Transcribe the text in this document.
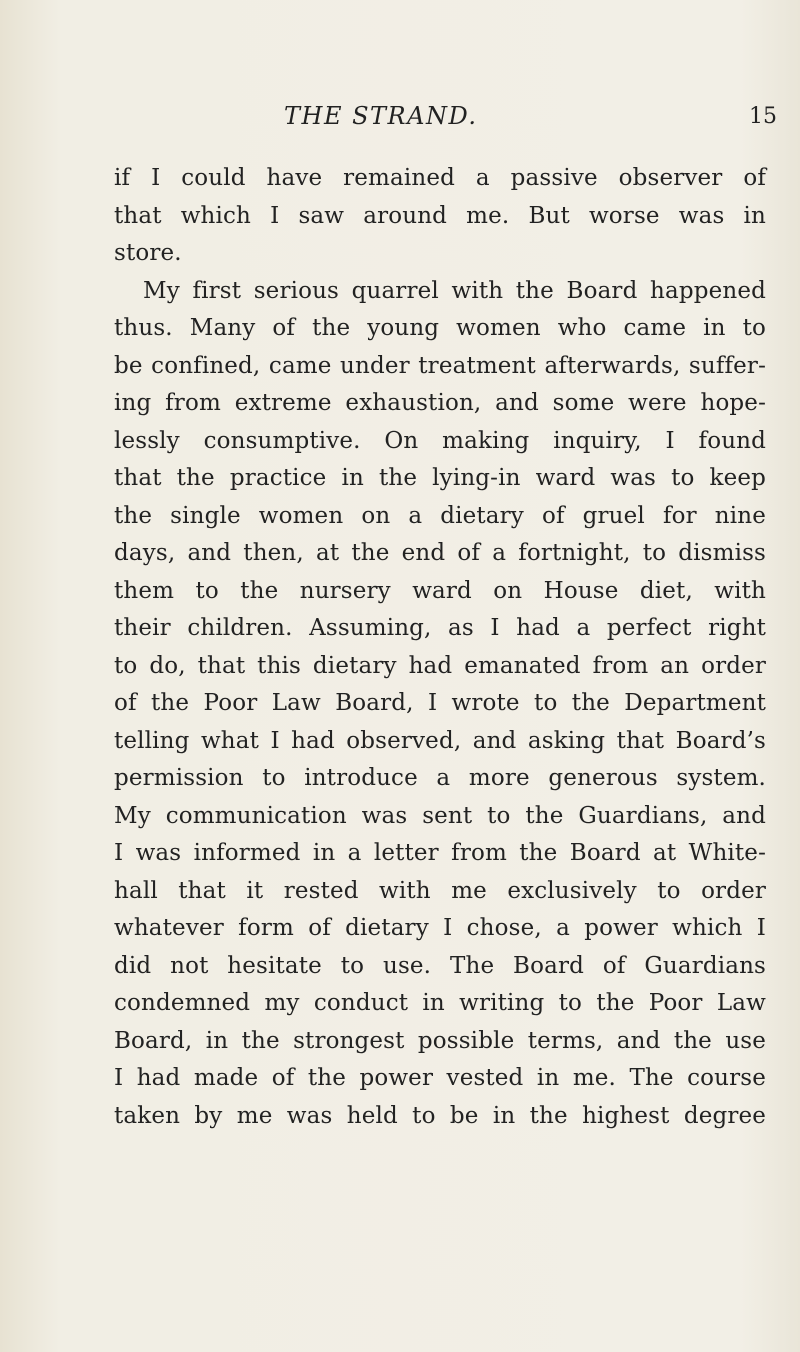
THE STRAND.	15
if I could have remained a passive observer of
that which I saw around me. But worse was in
store.
My first serious quarrel with the Board happened
thus. Many of the young women who came in to
be confined, came under treatment afterwards, suffer-
ing from extreme exhaustion, and some were hope-
lessly consumptive. On making inquiry, I found
that the practice in the lying-in ward was to keep
the single women on a dietary of gruel for nine
days, and then, at the end of a fortnight, to dismiss
them to the nursery ward on House diet, with
their children. Assuming, as I had a perfect right
to do, that this dietary had emanated from an order
of the Poor Law Board, I wrote to the Department
telling what I had observed, and asking that Board’s
permission to introduce a more generous system.
My communication was sent to the Guardians, and
I was informed in a letter from the Board at White-
hall that it rested with me exclusively to order
whatever form of dietary I chose, a power which I
did not hesitate to use. The Board of Guardians
condemned my conduct in writing to the Poor Law
Board, in the strongest possible terms, and the use
I had made of the power vested in me. The course
taken by me was held to be in the highest degree
